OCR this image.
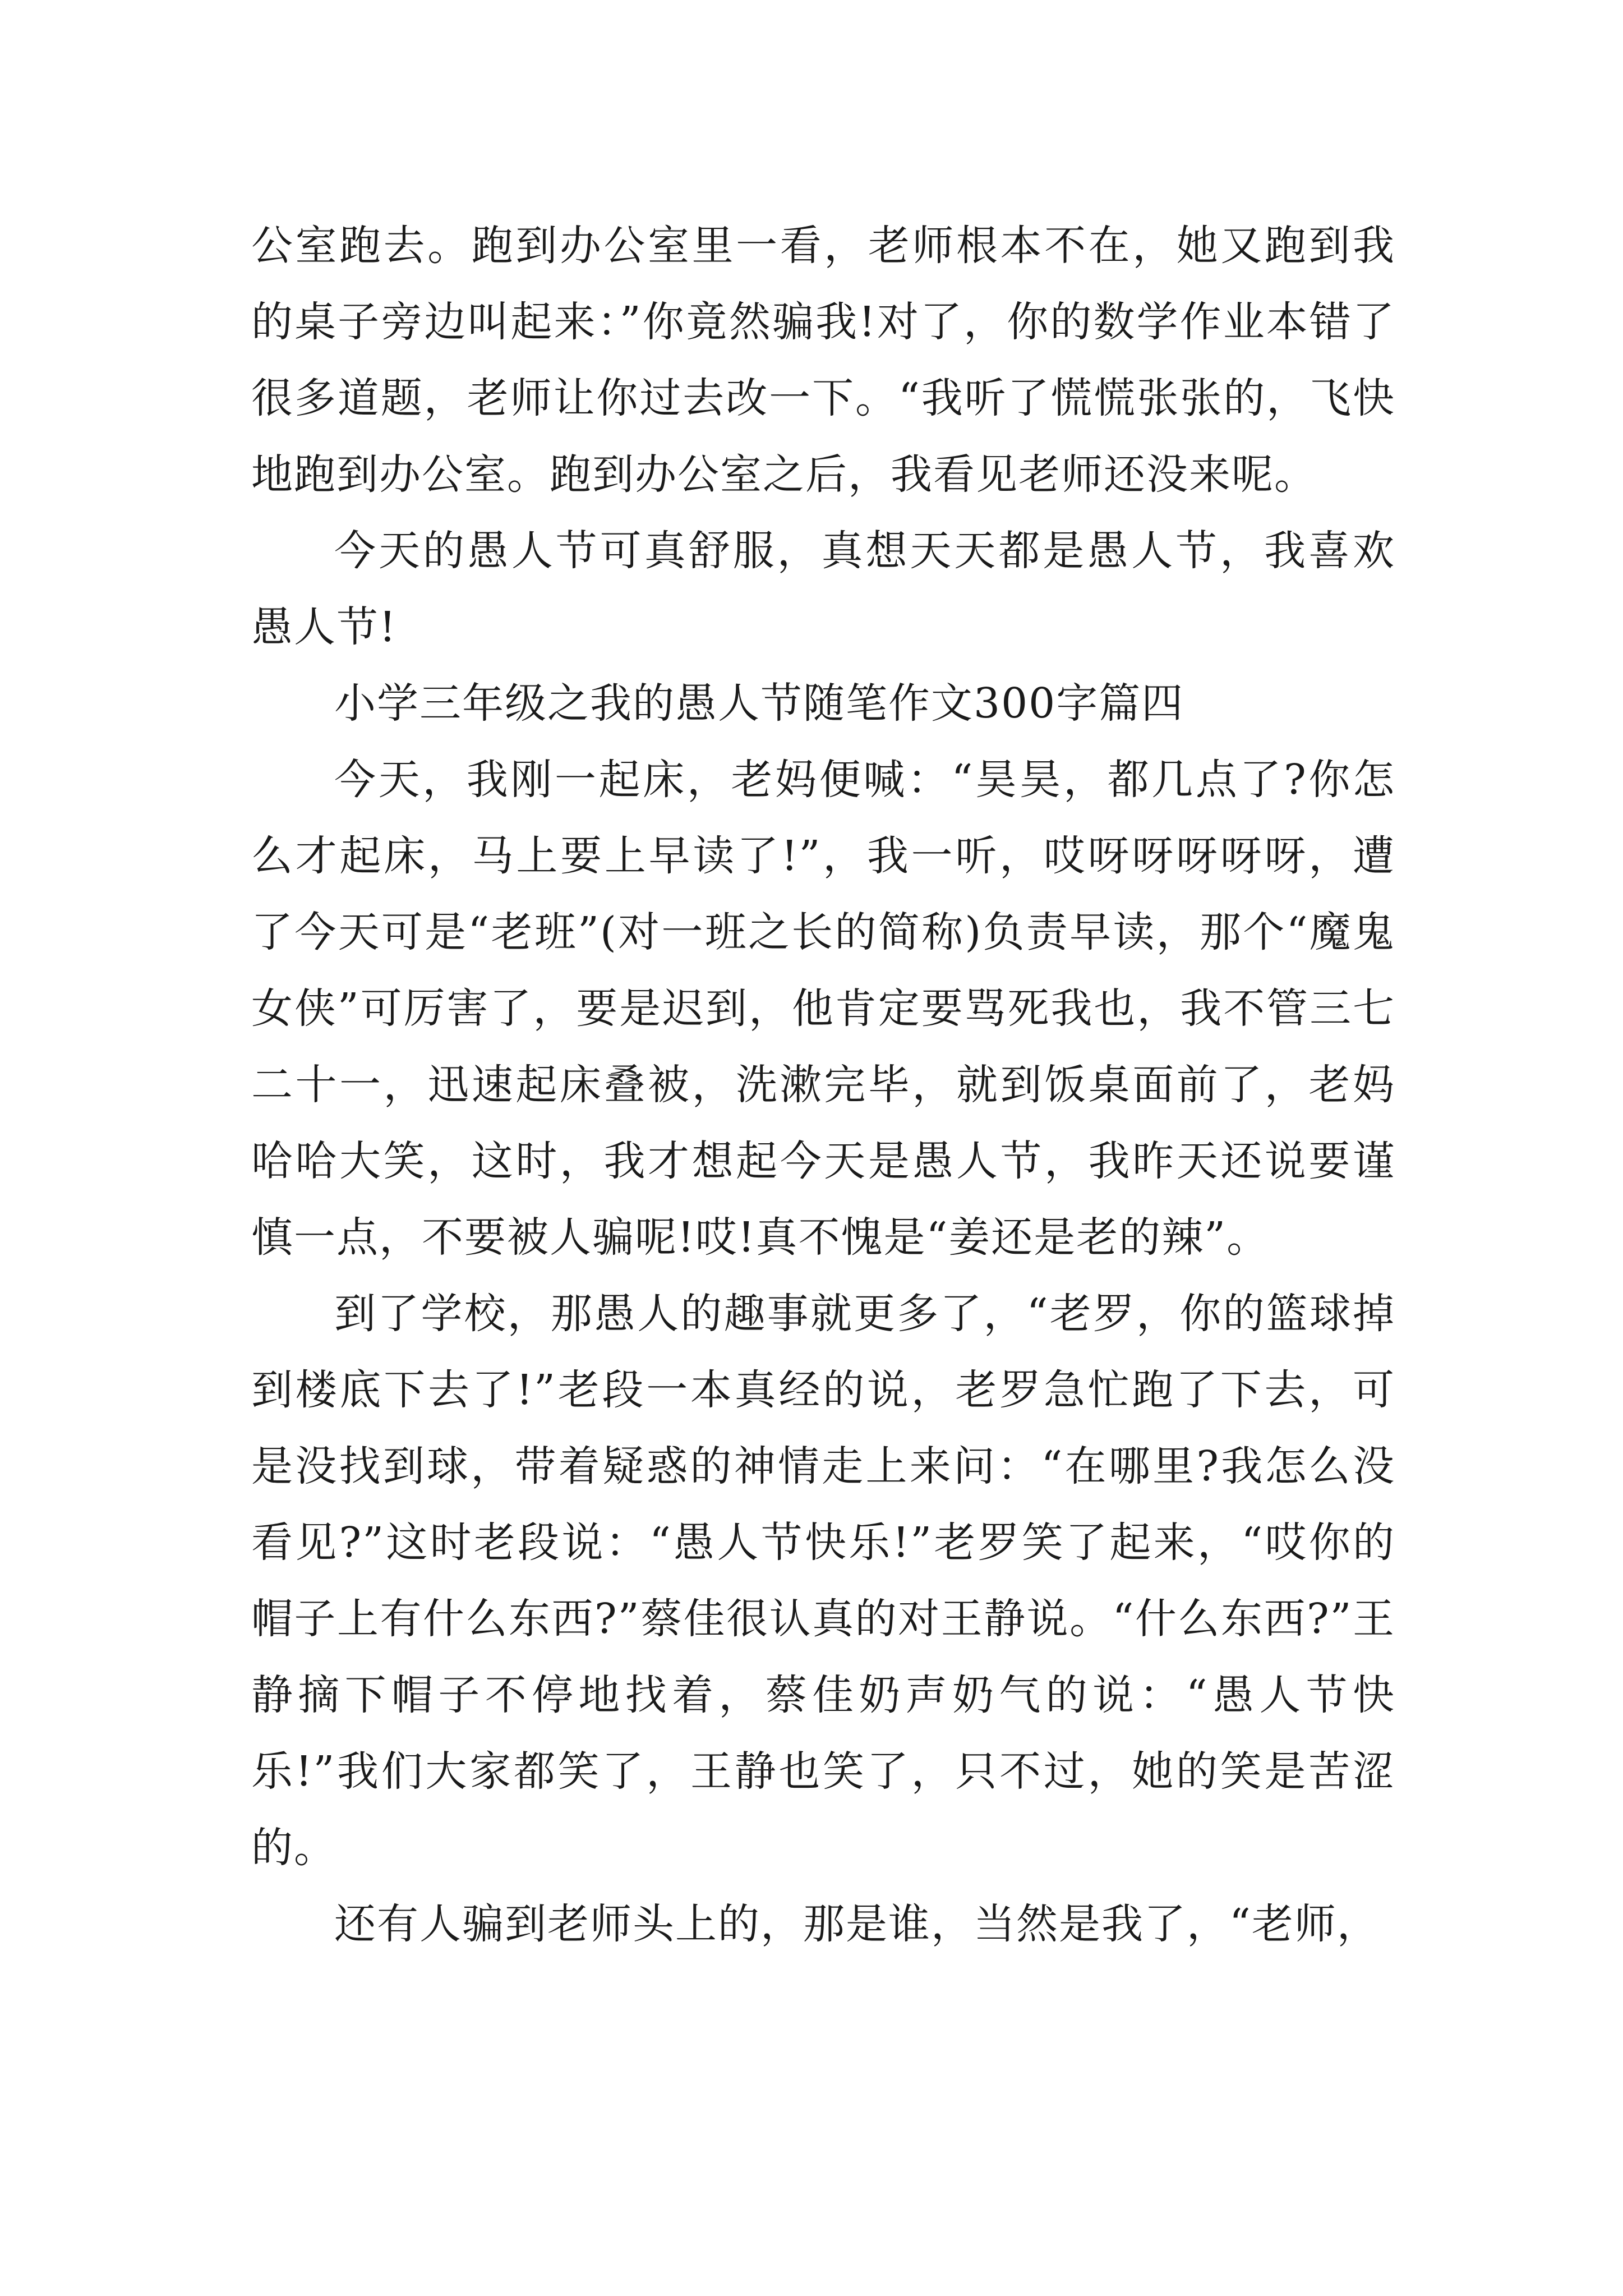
公室跑去。跑到办公室里一看，老师根本不在，她又跑到我的桌子旁边叫起来：”你竟然骗我!对了，你的数学作业本错了很多道题，老师让你过去改一下。“我听了慌慌张张的，飞快地跑到办公室。跑到办公室之后，我看见老师还没来呢。

今天的愚人节可真舒服，真想天天都是愚人节，我喜欢愚人节!

小学三年级之我的愚人节随笔作文300字篇四

今天，我刚一起床，老妈便喊：“昊昊，都几点了?你怎么才起床，马上要上早读了!”，我一听，哎呀呀呀呀呀，遭了今天可是“老班”(对一班之长的简称)负责早读，那个“魔鬼女侠”可厉害了，要是迟到，他肯定要骂死我也，我不管三七二十一，迅速起床叠被，洗漱完毕，就到饭桌面前了，老妈哈哈大笑，这时，我才想起今天是愚人节，我昨天还说要谨慎一点，不要被人骗呢!哎!真不愧是“姜还是老的辣”。

到了学校，那愚人的趣事就更多了，“老罗，你的篮球掉到楼底下去了!”老段一本真经的说，老罗急忙跑了下去，可是没找到球，带着疑惑的神情走上来问：“在哪里?我怎么没看见?”这时老段说：“愚人节快乐!”老罗笑了起来，“哎你的帽子上有什么东西?”蔡佳很认真的对王静说。“什么东西?”王静摘下帽子不停地找着，蔡佳奶声奶气的说：“愚人节快乐!”我们大家都笑了，王静也笑了，只不过，她的笑是苦涩的。

还有人骗到老师头上的，那是谁，当然是我了，“老师，
